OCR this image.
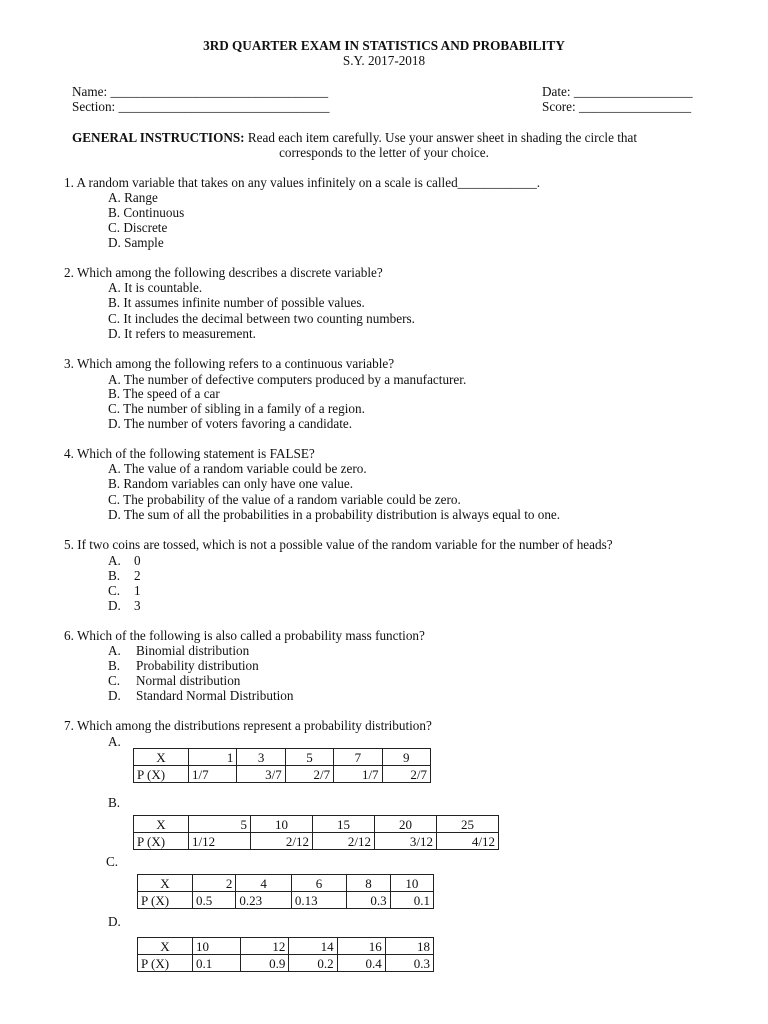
3RD QUARTER EXAM IN STATISTICS AND PROBABILITY
S.Y. 2017-2018
Name: _________________________________
Section: ________________________________
Date: __________________
Score: _________________
GENERAL INSTRUCTIONS: Read each item carefully. Use your answer sheet in shading the circle that
corresponds to the letter of your choice.
1. A random variable that takes on any values infinitely on a scale is called____________.
A. Range
B. Continuous
C. Discrete
D. Sample
2. Which among the following describes a discrete variable?
A. It is countable.
B. It assumes infinite number of possible values.
C. It includes the decimal between two counting numbers.
D. It refers to measurement.
3. Which among the following refers to a continuous variable?
A. The number of defective computers produced by a manufacturer.
B. The speed of a car
C. The number of sibling in a family of a region.
D. The number of voters favoring a candidate.
4. Which of the following statement is FALSE?
A. The value of a random variable could be zero.
B. Random variables can only have one value.
C. The probability of the value of a random variable could be zero.
D. The sum of all the probabilities in a probability distribution is always equal to one.
5. If two coins are tossed, which is not a possible value of the random variable for the number of heads?
A. 0
B. 2
C. 1
D. 3
6. Which of the following is also called a probability mass function?
A. Binomial distribution
B. Probability distribution
C. Normal distribution
D. Standard Normal Distribution
7. Which among the distributions represent a probability distribution?
A.
X	1	3	5	7	9
P (X)	1/7	3/7	2/7	1/7	2/7
B.
X	5	10	15	20	25
P (X)	1/12	2/12	2/12	3/12	4/12
C.
X	2	4	6	8	10
P (X)	0.5	0.23	0.13	0.3	0.1
D.
X	10	12	14	16	18
P (X)	0.1	0.9	0.2	0.4	0.3
